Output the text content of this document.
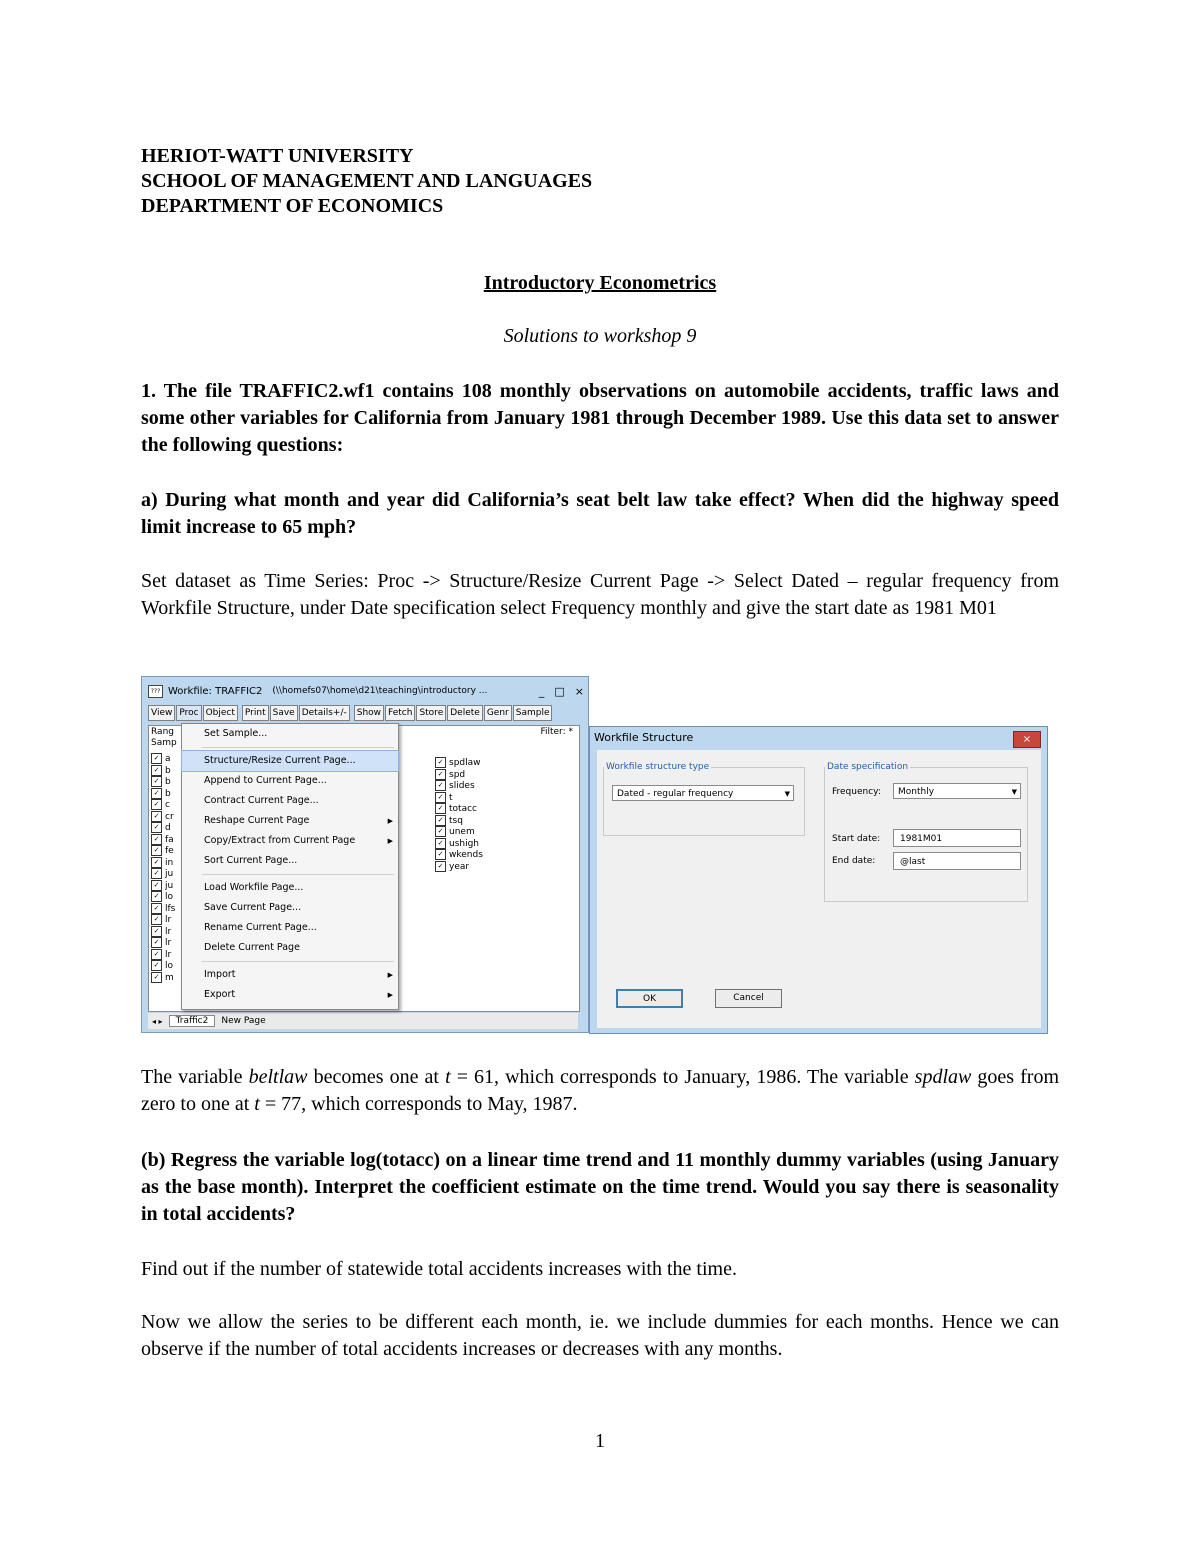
HERIOT-WATT UNIVERSITY
SCHOOL OF MANAGEMENT AND LANGUAGES
DEPARTMENT OF ECONOMICS
Introductory Econometrics
Solutions to workshop 9

1. The file TRAFFIC2.wf1 contains 108 monthly observations on automobile accidents, traffic laws and some other variables for California from January 1981 through December 1989. Use this data set to answer the following questions:

a) During what month and year did California’s seat belt law take effect? When did the highway speed limit increase to 65 mph?

Set dataset as Time Series: Proc -> Structure/Resize Current Page -> Select Dated – regular frequency from Workfile Structure, under Date specification select Frequency monthly and give the start date as 1981 M01

??? Workfile: TRAFFIC2 (\\homefs07\home\d21\teaching\introductory ...	_ □ ×
View Proc Object	Print Save Details+/-	Show Fetch Store Delete Genr Sample
Rang
Samp
Filter: *
✓ a
✓ b
✓ b
✓ b
✓ c
✓ cr
✓ d
✓ fa
✓ fe
✓ in
✓ ju
✓ ju
✓ lo
✓ lfs
✓ lr
✓ lr
✓ lr
✓ lr
✓ lo
✓ m
✓ spdlaw
✓ spd
✓ slides
✓ t
✓ totacc
✓ tsq
✓ unem
✓ ushigh
✓ wkends
✓ year
◂ ▸	Traffic2	New Page
Set Sample...
Structure/Resize Current Page...
Append to Current Page...
Contract Current Page...
Reshape Current Page	▶
Copy/Extract from Current Page	▶
Sort Current Page...
Load Workfile Page...
Save Current Page...
Rename Current Page...
Delete Current Page
Import	▶
Export	▶
Workfile Structure	×
Workfile structure type
Dated - regular frequency	▼
Date specification
Frequency:	Monthly	▼
Start date:	1981M01
End date:	@last
OK	Cancel

The variable beltlaw becomes one at t = 61, which corresponds to January, 1986. The variable spdlaw goes from zero to one at t = 77, which corresponds to May, 1987.

(b) Regress the variable log(totacc) on a linear time trend and 11 monthly dummy variables (using January as the base month). Interpret the coefficient estimate on the time trend. Would you say there is seasonality in total accidents?

Find out if the number of statewide total accidents increases with the time.

Now we allow the series to be different each month, ie. we include dummies for each months. Hence we can observe if the number of total accidents increases or decreases with any months.

1
